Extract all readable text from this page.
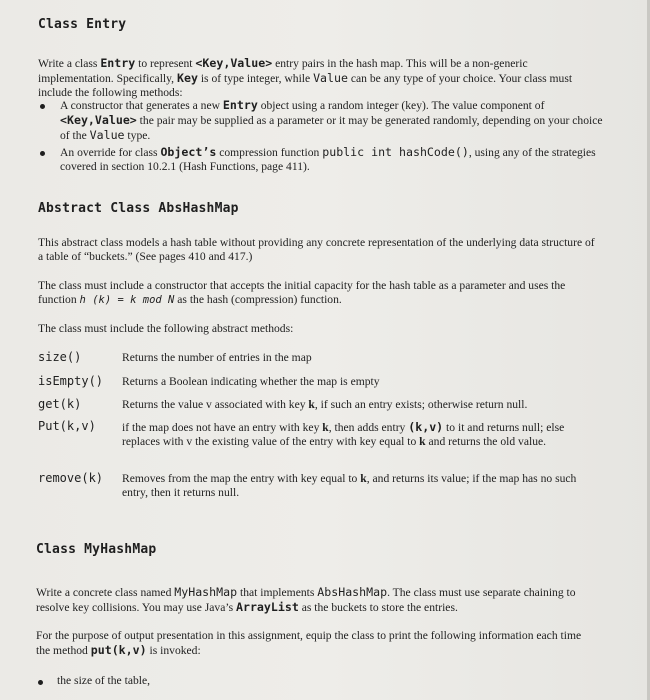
Class Entry
Write a class Entry to represent <Key,Value> entry pairs in the hash map. This will be a non-generic implementation. Specifically, Key is of type integer, while Value can be any type of your choice. Your class must include the following methods:
A constructor that generates a new Entry object using a random integer (key). The value component of <Key,Value> the pair may be supplied as a parameter or it may be generated randomly, depending on your choice of the Value type.
An override for class Object’s compression function public int hashCode(), using any of the strategies covered in section 10.2.1 (Hash Functions, page 411).
Abstract Class AbsHashMap
This abstract class models a hash table without providing any concrete representation of the underlying data structure of a table of “buckets.” (See pages 410 and 417.)
The class must include a constructor that accepts the initial capacity for the hash table as a parameter and uses the function h (k) = k mod N as the hash (compression) function.
The class must include the following abstract methods:
size()	Returns the number of entries in the map
isEmpty() Returns a Boolean indicating whether the map is empty
get(k)	Returns the value v associated with key k, if such an entry exists; otherwise return null.
Put(k,v) if the map does not have an entry with key k, then adds entry (k,v) to it and returns null; else replaces with v the existing value of the entry with key equal to k and returns the old value.
remove(k) Removes from the map the entry with key equal to k, and returns its value; if the map has no such entry, then it returns null.
Class MyHashMap
Write a concrete class named MyHashMap that implements AbsHashMap. The class must use separate chaining to resolve key collisions. You may use Java’s ArrayList as the buckets to store the entries.
For the purpose of output presentation in this assignment, equip the class to print the following information each time the method put(k,v) is invoked:
the size of the table,
